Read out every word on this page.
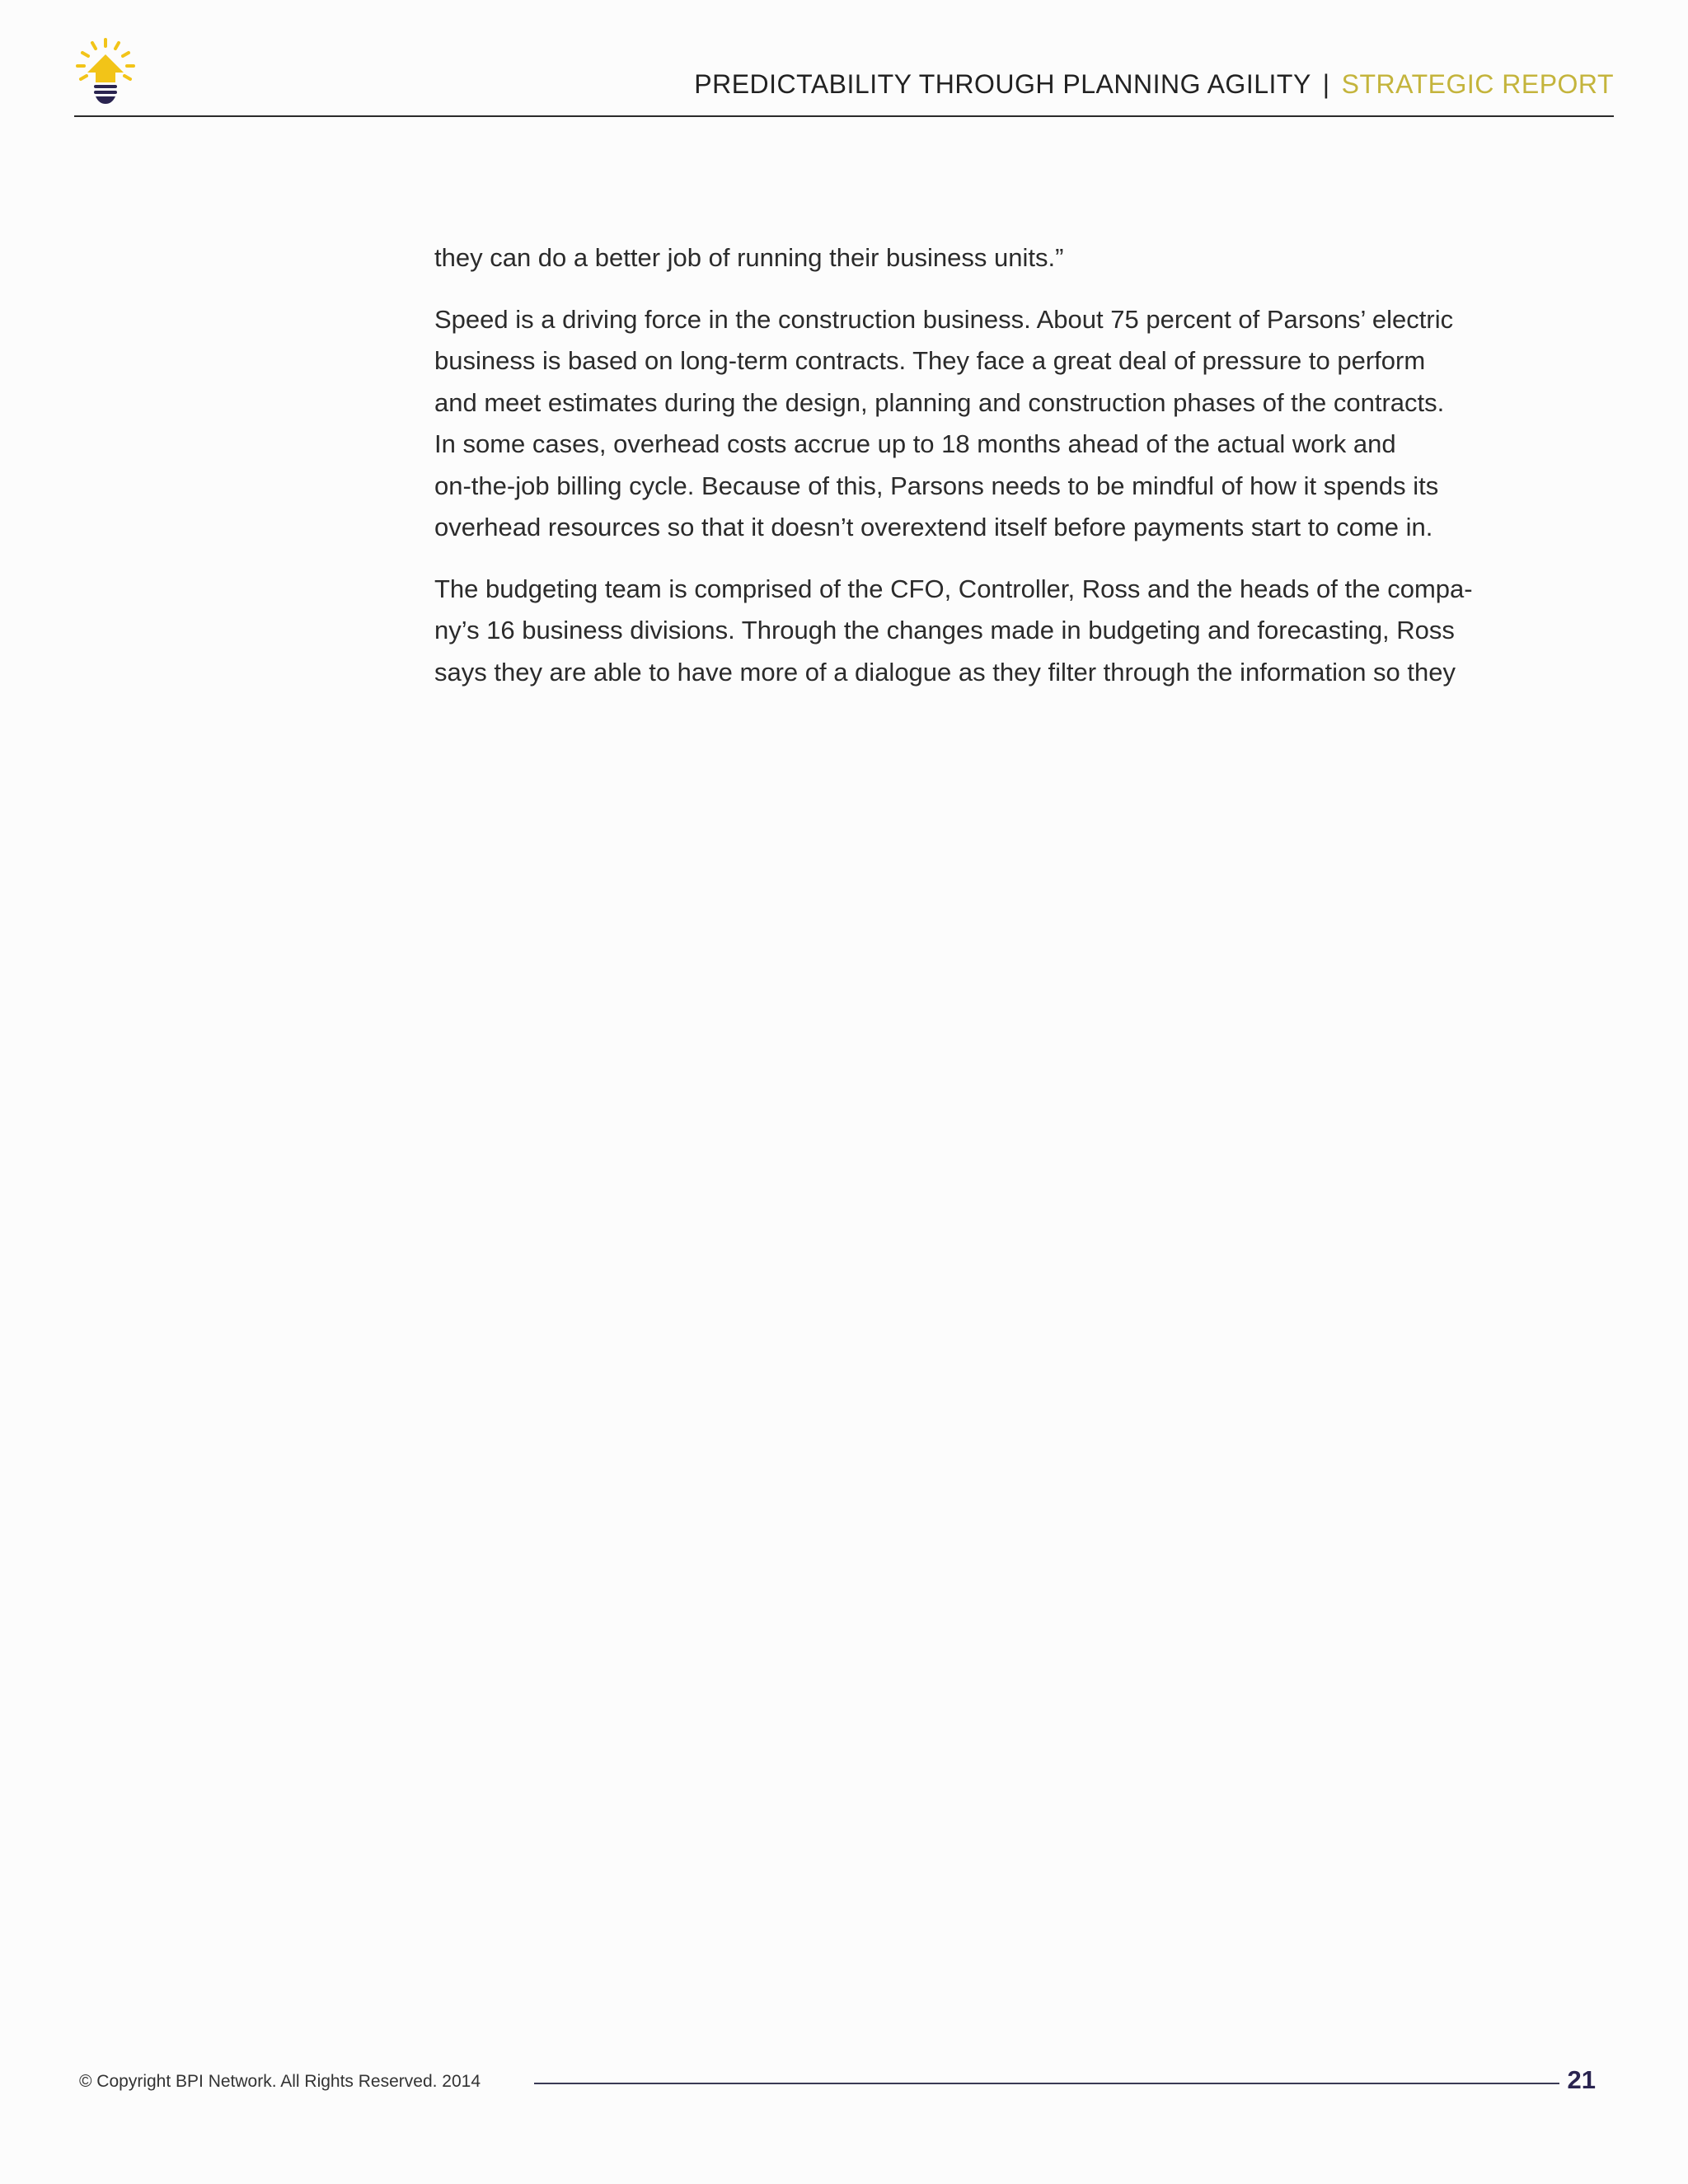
PREDICTABILITY THROUGH PLANNING AGILITY | STRATEGIC REPORT

they can do a better job of running their business units.”

Speed is a driving force in the construction business. About 75 percent of Parsons’ electric
business is based on long-term contracts. They face a great deal of pressure to perform
and meet estimates during the design, planning and construction phases of the contracts.
In some cases, overhead costs accrue up to 18 months ahead of the actual work and
on-the-job billing cycle. Because of this, Parsons needs to be mindful of how it spends its
overhead resources so that it doesn’t overextend itself before payments start to come in.

The budgeting team is comprised of the CFO, Controller, Ross and the heads of the compa-
ny’s 16 business divisions. Through the changes made in budgeting and forecasting, Ross
says they are able to have more of a dialogue as they filter through the information so they

© Copyright BPI Network. All Rights Reserved. 2014	21
